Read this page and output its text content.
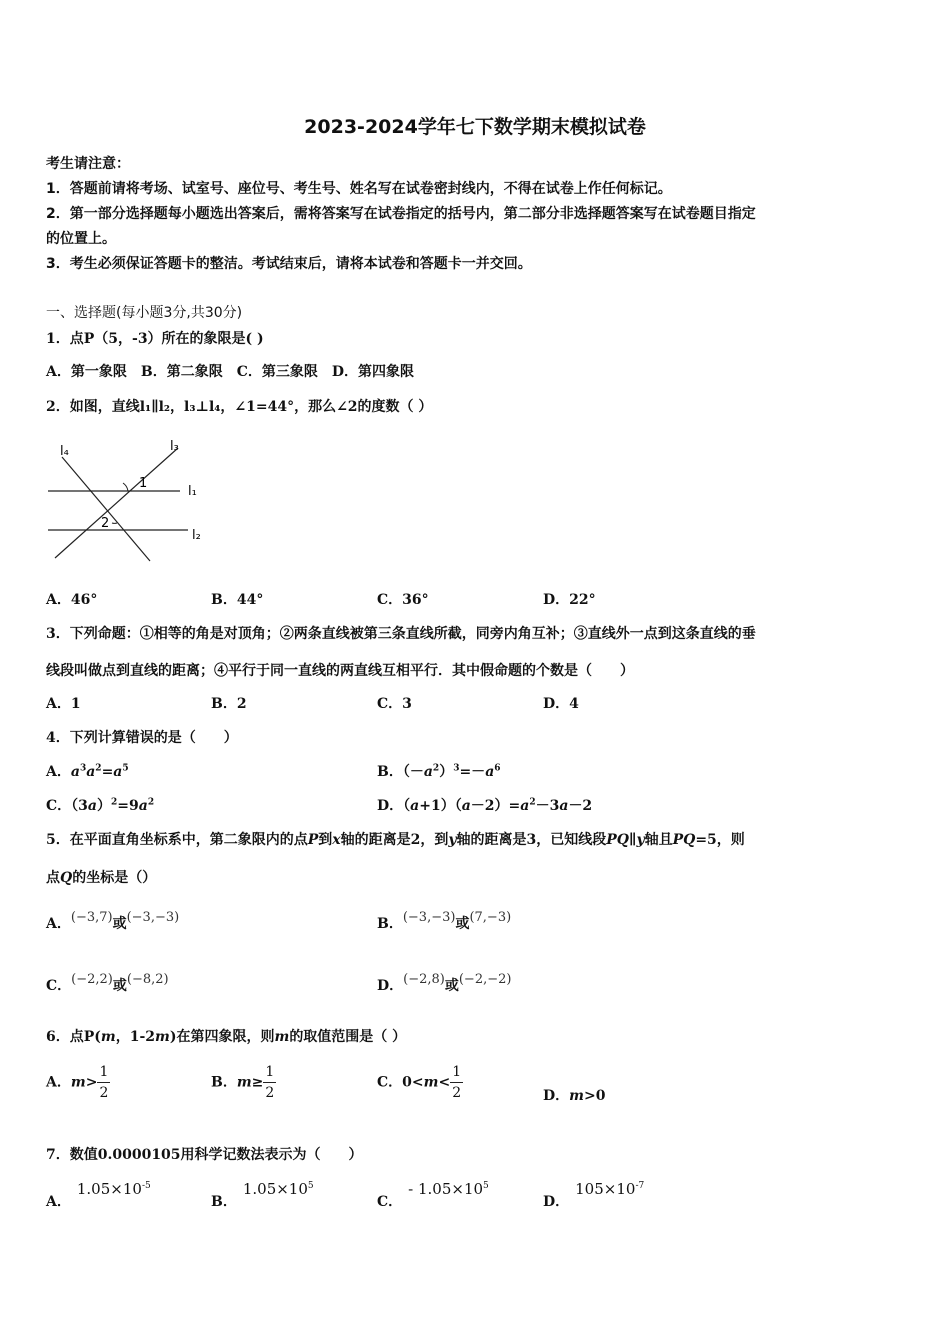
2023-2024学年七下数学期末模拟试卷
考生请注意：
1．答题前请将考场、试室号、座位号、考生号、姓名写在试卷密封线内，不得在试卷上作任何标记。
2．第一部分选择题每小题选出答案后，需将答案写在试卷指定的括号内，第二部分非选择题答案写在试卷题目指定
的位置上。
3．考生必须保证答题卡的整洁。考试结束后，请将本试卷和答题卡一并交回。
一、选择题(每小题3分,共30分)
1．点P（5，-3）所在的象限是( )
A．第一象限　B．第二象限　C．第三象限　D．第四象限
2．如图，直线l₁∥l₂，l₃⊥l₄，∠1=44°，那么∠2的度数（ ）
1
2
l₁
l₂
l₃
l₄
A．46°	B．44°	C．36°	D．22°
3．下列命题：①相等的角是对顶角；②两条直线被第三条直线所截，同旁内角互补；③直线外一点到这条直线的垂
线段叫做点到直线的距离；④平行于同一直线的两直线互相平行．其中假命题的个数是（　　）
A．1	B．2	C．3	D．4
4．下列计算错误的是（　　）
A．$a^3a^2=a^5$	B．$(-a^2)^3=-a^6$
C．$(3a)^2=9a^2$	D．$(a+1)(a-2)=a^2-3a-2$
5．在平面直角坐标系中，第二象限内的点P到x轴的距离是2，到y轴的距离是3，已知线段PQ∥y轴且PQ=5，则
点Q的坐标是（）
A．(−3,7)或(−3,−3)	B．(−3,−3)或(7,−3)
C．(−2,2)或(−8,2)	D．(−2,8)或(−2,−2)
6．点P(m，1-2m)在第四象限，则m的取值范围是（ ）
A．$m> \frac{1}{2}$	B．$m\ge \frac{1}{2}$	C．$0<m< \frac{1}{2}$	D．m>0
7．数值0.0000105用科学记数法表示为（　　）
A．$1.05\times 10^{-5}$
B．$1.05\times 10^5$
C．- $1.05\times 10^5$
D．$105\times 10^{-7}$
